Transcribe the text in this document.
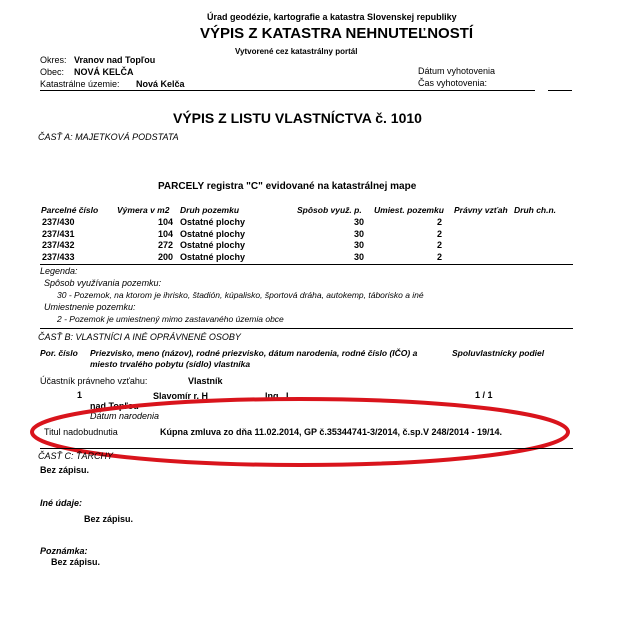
Úrad geodézie, kartografie a katastra Slovenskej republiky
VÝPIS Z KATASTRA NEHNUTEĽNOSTÍ
Vytvorené cez katastrálny portál
Okres: Vranov nad Topľou
Obec: NOVÁ KELČA
Katastrálne územie: Nová Kelča
Dátum vyhotovenia
Čas vyhotovenia:
VÝPIS Z LISTU VLASTNÍCTVA č. 1010
ČASŤ A: MAJETKOVÁ PODSTATA
PARCELY registra "C" evidované na katastrálnej mape
Parcelné číslo Výmera v m2 Druh pozemku	Spôsob využ. p. Umiest. pozemku Právny vzťah Druh ch.n.
237/430	104 Ostatné plochy	30	2
237/431	104 Ostatné plochy	30	2
237/432	272 Ostatné plochy	30	2
237/433	200 Ostatné plochy	30	2
Legenda:
Spôsob využívania pozemku:
30 - Pozemok, na ktorom je ihrisko, štadión, kúpalisko, športová dráha, autokemp, táborisko a iné
Umiestnenie pozemku:
2 - Pozemok je umiestnený mimo zastavaného územia obce
ČASŤ B: VLASTNÍCI A INÉ OPRÁVNENÉ OSOBY
Por. číslo Priezvisko, meno (názov), rodné priezvisko, dátum narodenia, rodné číslo (IČO) a
miesto trvalého pobytu (sídlo) vlastníka
Spoluvlastnícky podiel
Účastník právneho vzťahu:	Vlastník
1	Slavomír r. H	Ing., I	1 / 1
nad Topľou
Dátum narodenia
Titul nadobudnutia	Kúpna zmluva zo dňa 11.02.2014, GP č.35344741-3/2014, č.sp.V 248/2014 - 19/14.
ČASŤ C: ŤARCHY
Bez zápisu.
Iné údaje:
Bez zápisu.
Poznámka:
Bez zápisu.
